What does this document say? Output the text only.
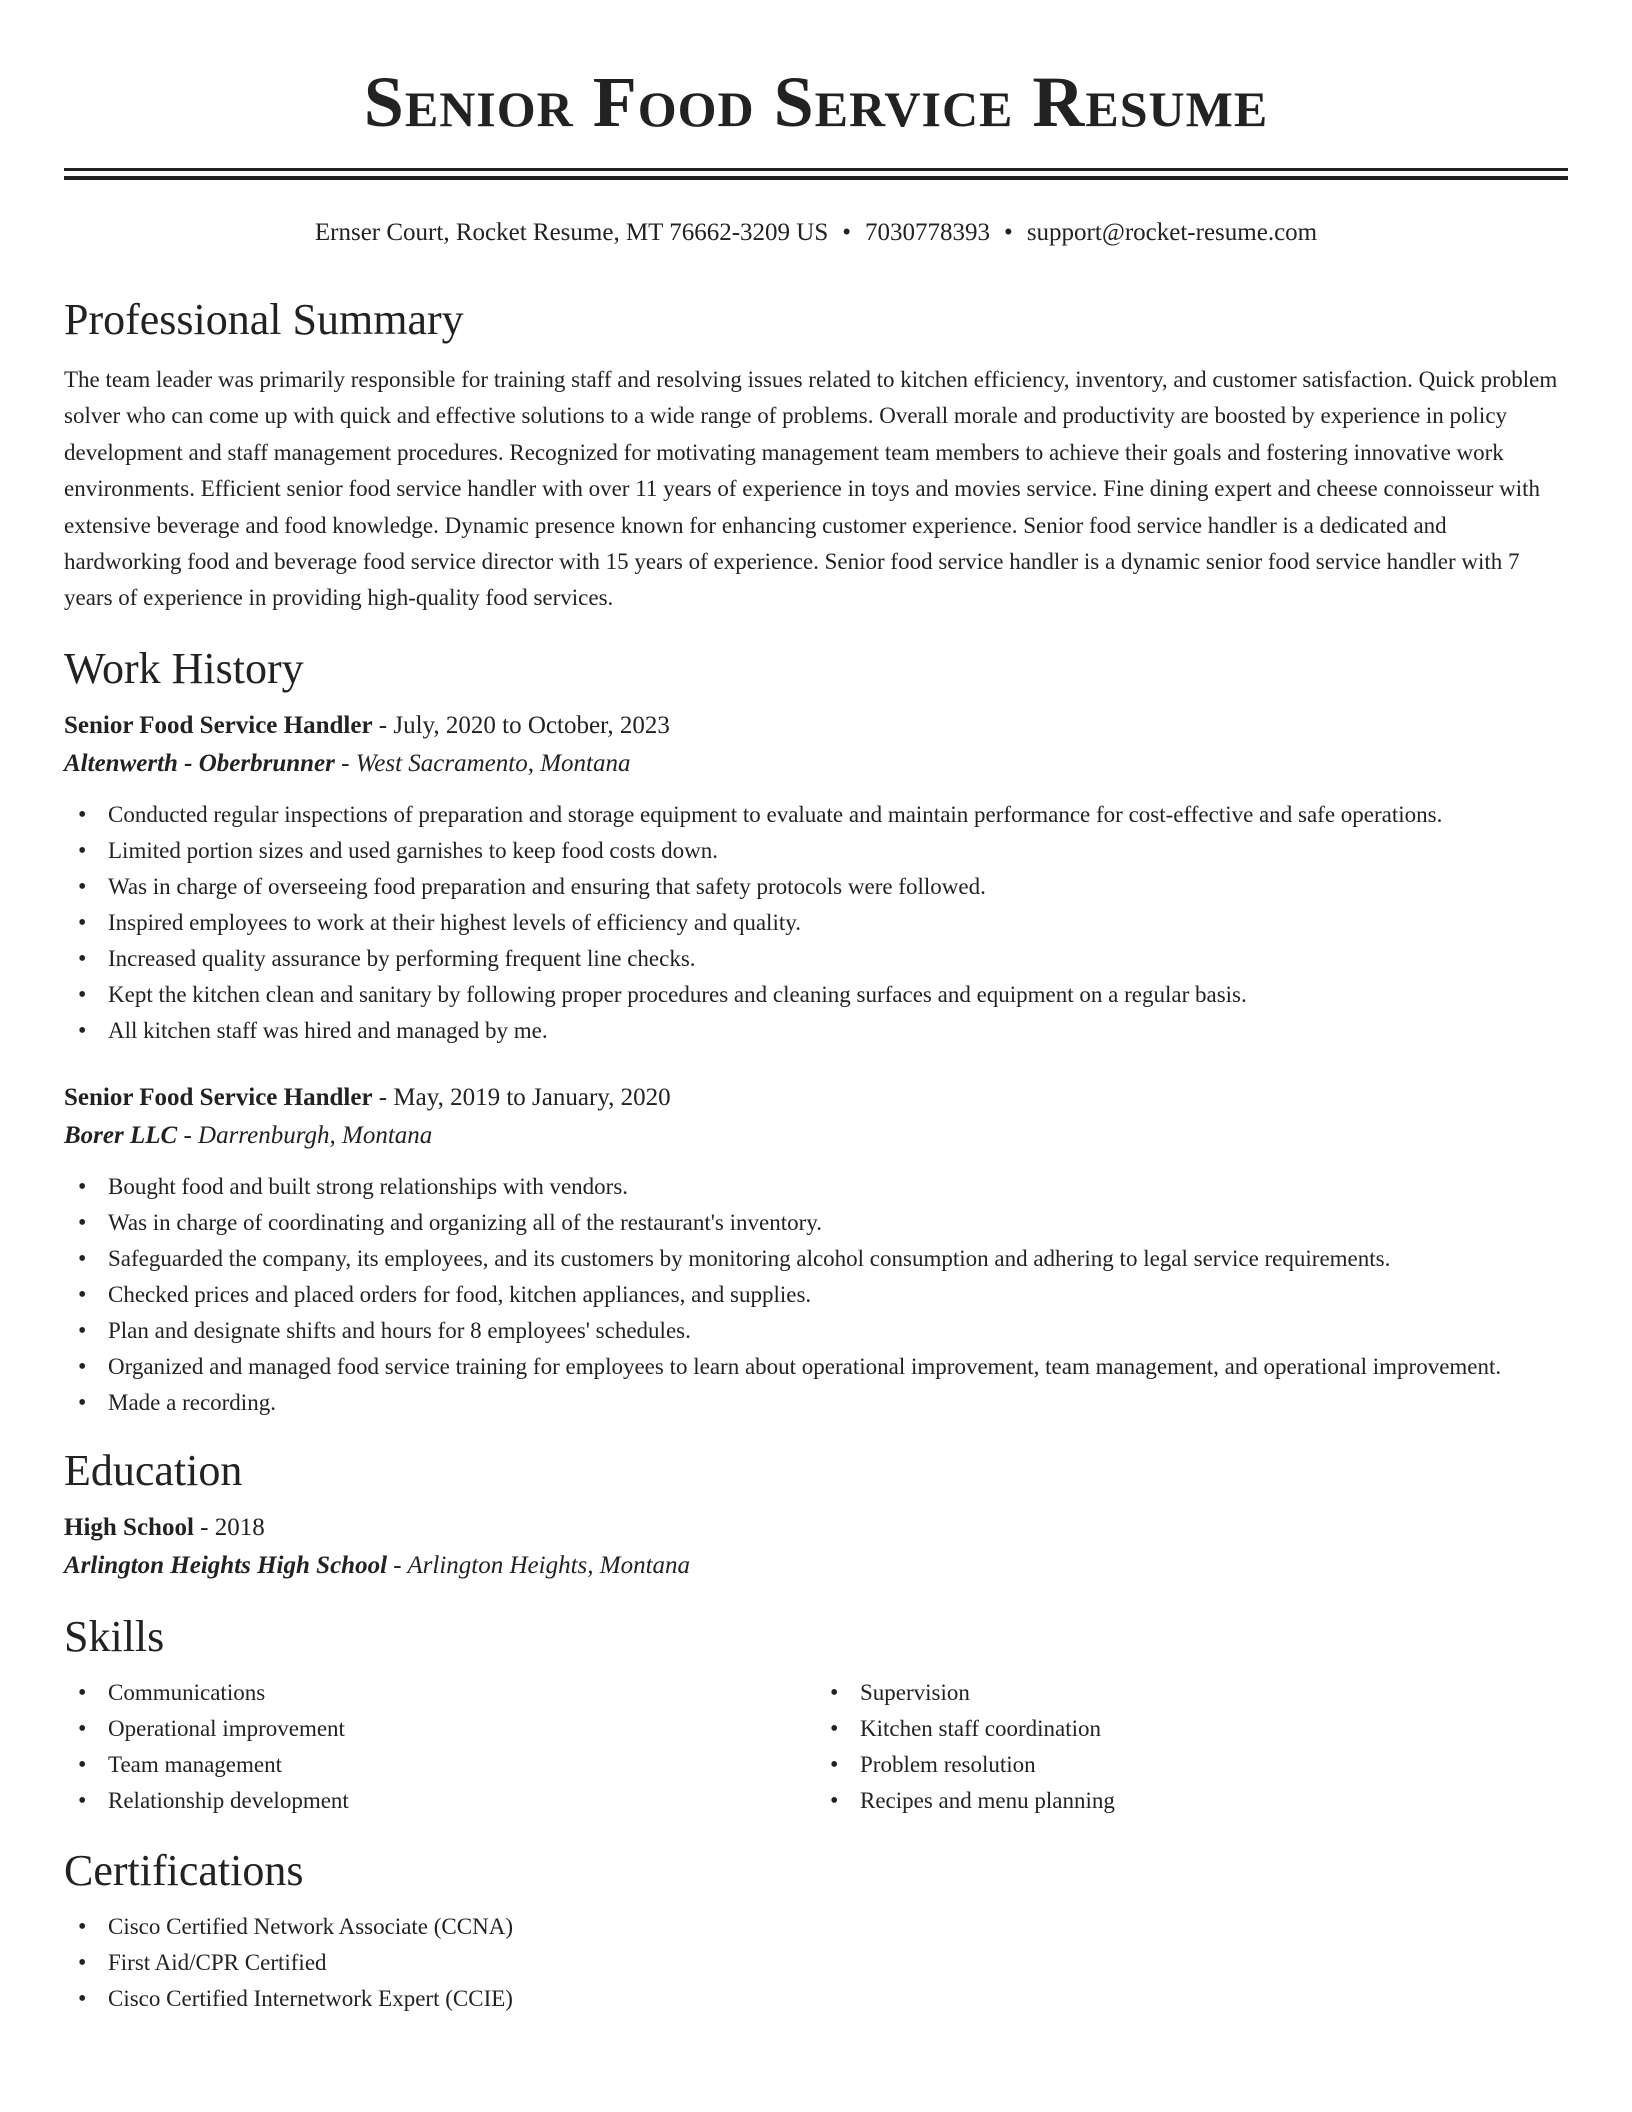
Senior Food Service Resume
Ernser Court, Rocket Resume, MT 76662-3209 US • 7030778393 • support@rocket-resume.com
Professional Summary

The team leader was primarily responsible for training staff and resolving issues related to kitchen efficiency, inventory, and customer satisfaction. Quick problem solver who can come up with quick and effective solutions to a wide range of problems. Overall morale and productivity are boosted by experience in policy development and staff management procedures. Recognized for motivating management team members to achieve their goals and fostering innovative work environments. Efficient senior food service handler with over 11 years of experience in toys and movies service. Fine dining expert and cheese connoisseur with extensive beverage and food knowledge. Dynamic presence known for enhancing customer experience. Senior food service handler is a dedicated and hardworking food and beverage food service director with 15 years of experience. Senior food service handler is a dynamic senior food service handler with 7 years of experience in providing high-quality food services.

Work History
Senior Food Service Handler - July, 2020 to October, 2023
Altenwerth - Oberbrunner - West Sacramento, Montana
• Conducted regular inspections of preparation and storage equipment to evaluate and maintain performance for cost-effective and safe operations.
• Limited portion sizes and used garnishes to keep food costs down.
• Was in charge of overseeing food preparation and ensuring that safety protocols were followed.
• Inspired employees to work at their highest levels of efficiency and quality.
• Increased quality assurance by performing frequent line checks.
• Kept the kitchen clean and sanitary by following proper procedures and cleaning surfaces and equipment on a regular basis.
• All kitchen staff was hired and managed by me.
Senior Food Service Handler - May, 2019 to January, 2020
Borer LLC - Darrenburgh, Montana
• Bought food and built strong relationships with vendors.
• Was in charge of coordinating and organizing all of the restaurant's inventory.
• Safeguarded the company, its employees, and its customers by monitoring alcohol consumption and adhering to legal service requirements.
• Checked prices and placed orders for food, kitchen appliances, and supplies.
• Plan and designate shifts and hours for 8 employees' schedules.
• Organized and managed food service training for employees to learn about operational improvement, team management, and operational improvement.
• Made a recording.
Education
High School - 2018
Arlington Heights High School - Arlington Heights, Montana
Skills
• Communications
• Operational improvement
• Team management
• Relationship development
• Supervision
• Kitchen staff coordination
• Problem resolution
• Recipes and menu planning
Certifications
• Cisco Certified Network Associate (CCNA)
• First Aid/CPR Certified
• Cisco Certified Internetwork Expert (CCIE)
